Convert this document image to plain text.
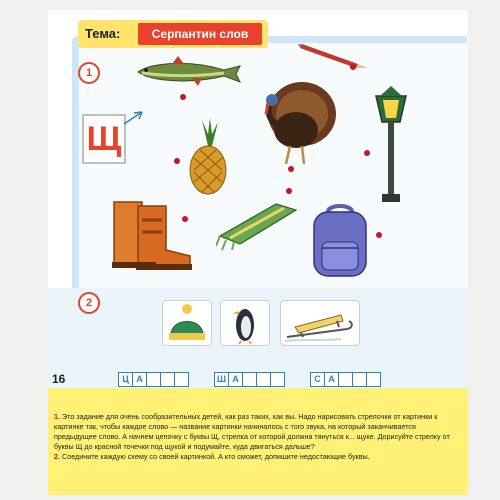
Тема:	Серпантин слов
1
Щ
2
16	Ц А	Ш А	С А

1. Это задание для очень сообразительных детей, как раз таких, как вы. Надо нарисовать стрелочки от картинки к картинке так, чтобы каждое слово — название картинки начиналось с того звука, на который заканчивается предыдущее слово. А начнем цепочку с буквы Щ, стрелка от которой должна тянуться к... щуке. Дорисуйте стрелку от буквы Щ до красной точечки под щукой и подумайте, куда двигаться дальше?

2. Соедините каждую схему со своей картинкой. А кто сможет, допишите недостающие буквы.
